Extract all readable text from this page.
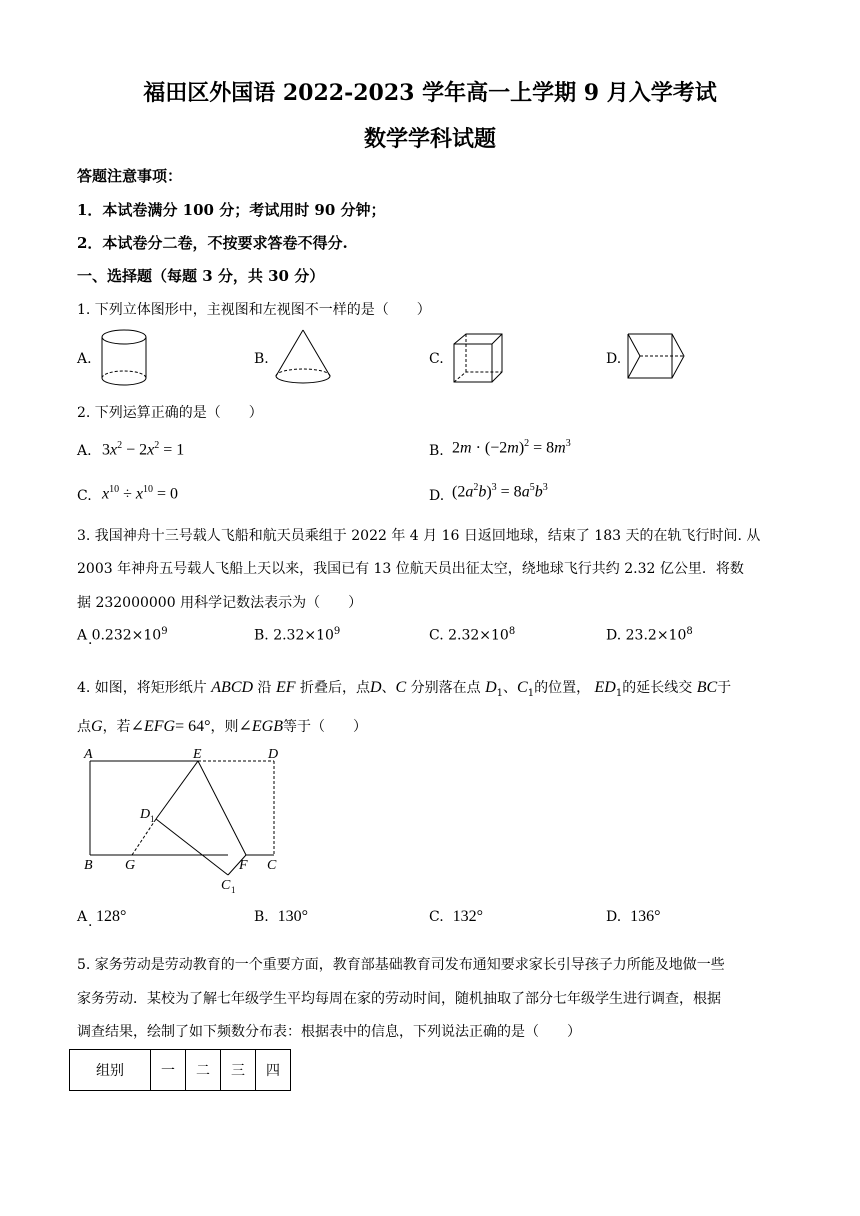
福田区外国语 2022-2023 学年高一上学期 9 月入学考试
数学学科试题
答题注意事项：
1．本试卷满分 100 分；考试用时 90 分钟；
2．本试卷分二卷，不按要求答卷不得分.
一、选择题（每题 3 分，共 30 分）
1. 下列立体图形中，主视图和左视图不一样的是（　　）
A.	B.	C.	D.
2. 下列运算正确的是（　　）
A. $3x^2 - 2x^2 = 1$	B. $2m \cdot (-2m)^2 = 8m^3$
C. $x^{10} \div x^{10} = 0$	D. $(2a^2b)^3 = 8a^5b^3$
3. 我国神舟十三号载人飞船和航天员乘组于 2022 年 4 月 16 日返回地球，结束了 183 天的在轨飞行时间. 从
2003 年神舟五号载人飞船上天以来，我国已有 13 位航天员出征太空，绕地球飞行共约 2.32 亿公里．将数
据 232000000 用科学记数法表示为（　　）
A $0.232\times 10^9$
·
B. $2.32\times 10^9$	C. $2.32\times 10^8$	D. $23.2\times 10^8$
4. 如图，将矩形纸片 ABCD 沿 EF 折叠后，点D、C 分别落在点 $D_1$、$C_1$的位置， $ED_1$的延长线交 BC于
点G，若∠EFG= 64°，则∠EGB等于（　　）
A	E	D
D 1
B G	F C
C 1
A 128°
·
B. 130°	C. 132°	D. 136°
5. 家务劳动是劳动教育的一个重要方面，教育部基础教育司发布通知要求家长引导孩子力所能及地做一些
家务劳动．某校为了解七年级学生平均每周在家的劳动时间，随机抽取了部分七年级学生进行调查，根据
调查结果，绘制了如下频数分布表：根据表中的信息，下列说法正确的是（　　）
组别	一	二	三	四
